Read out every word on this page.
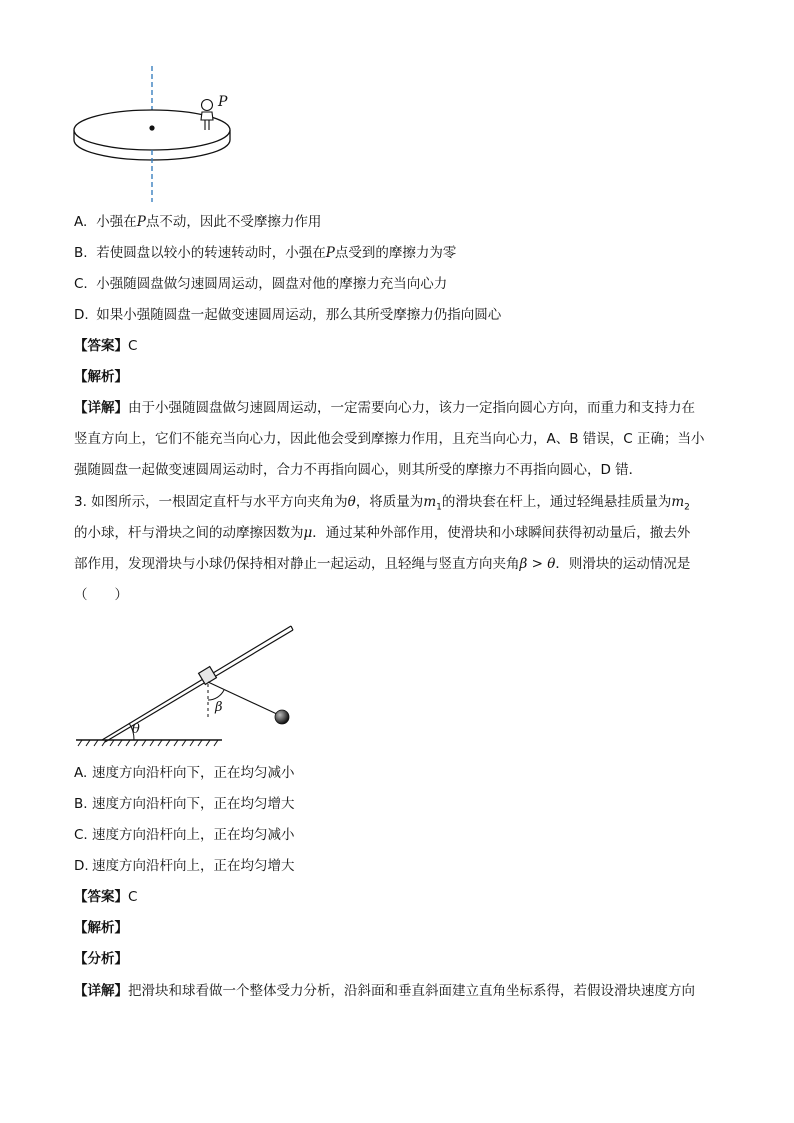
P
A. 小强在P点不动，因此不受摩擦力作用
B. 若使圆盘以较小的转速转动时，小强在P点受到的摩擦力为零
C. 小强随圆盘做匀速圆周运动，圆盘对他的摩擦力充当向心力
D. 如果小强随圆盘一起做变速圆周运动，那么其所受摩擦力仍指向圆心
【答案】C
【解析】
【详解】由于小强随圆盘做匀速圆周运动，一定需要向心力，该力一定指向圆心方向，而重力和支持力在
竖直方向上，它们不能充当向心力，因此他会受到摩擦力作用，且充当向心力，A、B 错误，C 正确；当小
强随圆盘一起做变速圆周运动时，合力不再指向圆心，则其所受的摩擦力不再指向圆心，D 错．
3. 如图所示，一根固定直杆与水平方向夹角为θ，将质量为$m_1$的滑块套在杆上，通过轻绳悬挂质量为$m_2$
的小球，杆与滑块之间的动摩擦因数为μ．通过某种外部作用，使滑块和小球瞬间获得初动量后，撤去外
部作用，发现滑块与小球仍保持相对静止一起运动，且轻绳与竖直方向夹角β > θ．则滑块的运动情况是
（　　）
θ
β
A. 速度方向沿杆向下，正在均匀减小
B. 速度方向沿杆向下，正在均匀增大
C. 速度方向沿杆向上，正在均匀减小
D. 速度方向沿杆向上，正在均匀增大
【答案】C
【解析】
【分析】
【详解】把滑块和球看做一个整体受力分析，沿斜面和垂直斜面建立直角坐标系得，若假设滑块速度方向
